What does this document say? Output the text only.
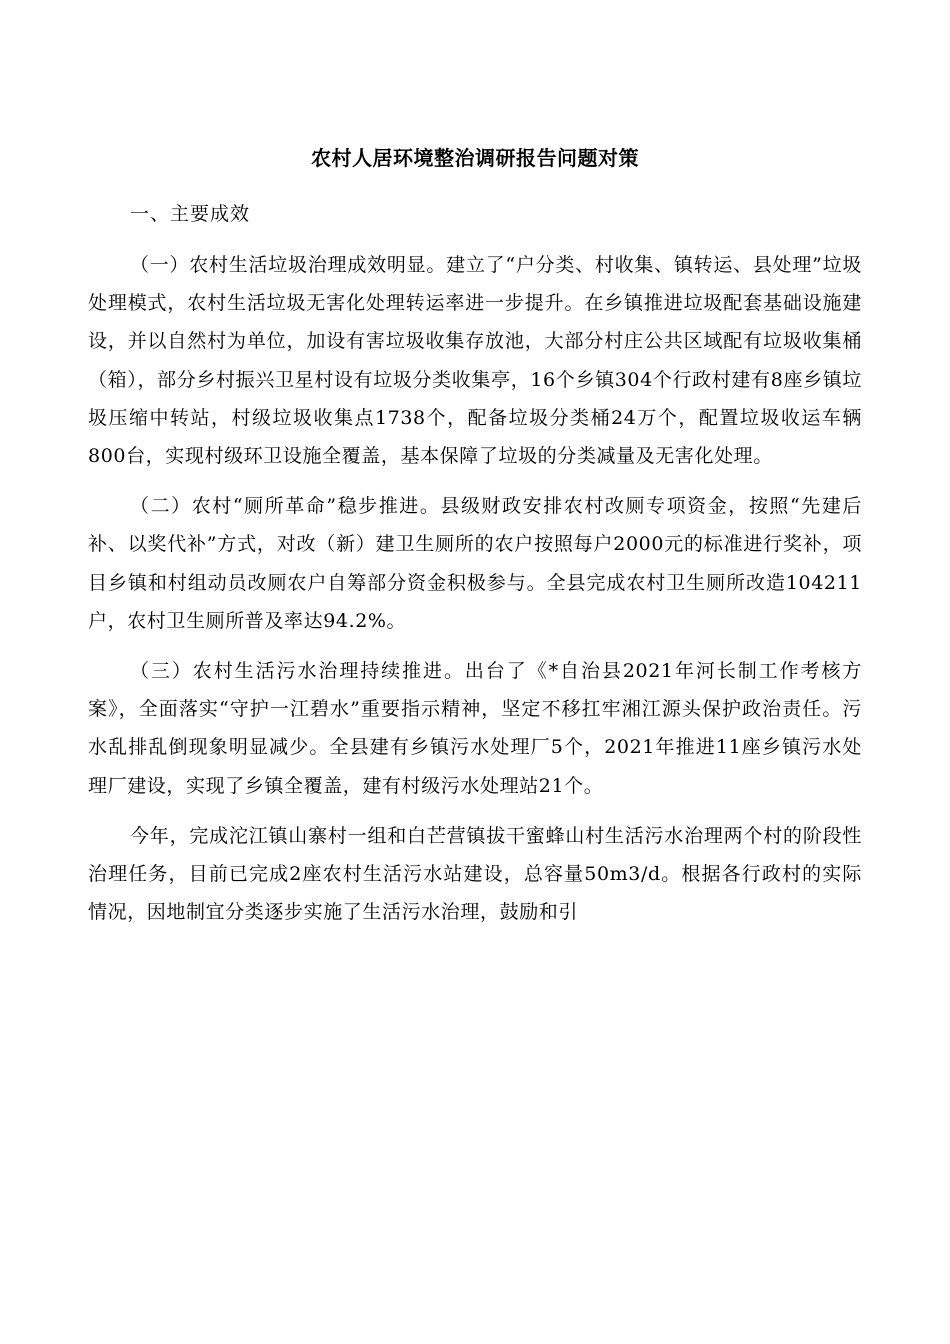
农村人居环境整治调研报告问题对策

一、主要成效

（一）农村生活垃圾治理成效明显。建立了“户分类、村收集、镇转运、县处理”垃圾处理模式，农村生活垃圾无害化处理转运率进一步提升。在乡镇推进垃圾配套基础设施建设，并以自然村为单位，加设有害垃圾收集存放池，大部分村庄公共区域配有垃圾收集桶（箱），部分乡村振兴卫星村设有垃圾分类收集亭，16个乡镇304个行政村建有8座乡镇垃圾压缩中转站，村级垃圾收集点1738个，配备垃圾分类桶24万个，配置垃圾收运车辆800台，实现村级环卫设施全覆盖，基本保障了垃圾的分类减量及无害化处理。

（二）农村“厕所革命”稳步推进。县级财政安排农村改厕专项资金，按照“先建后补、以奖代补”方式，对改（新）建卫生厕所的农户按照每户2000元的标准进行奖补，项目乡镇和村组动员改厕农户自筹部分资金积极参与。全县完成农村卫生厕所改造104211户，农村卫生厕所普及率达94.2%。

（三）农村生活污水治理持续推进。出台了《*自治县2021年河长制工作考核方案》，全面落实“守护一江碧水”重要指示精神，坚定不移扛牢湘江源头保护政治责任。污水乱排乱倒现象明显减少。全县建有乡镇污水处理厂5个，2021年推进11座乡镇污水处理厂建设，实现了乡镇全覆盖，建有村级污水处理站21个。

今年，完成沱江镇山寨村一组和白芒营镇拔干蜜蜂山村生活污水治理两个村的阶段性治理任务，目前已完成2座农村生活污水站建设，总容量50m3/d。根据各行政村的实际情况，因地制宜分类逐步实施了生活污水治理，鼓励和引
